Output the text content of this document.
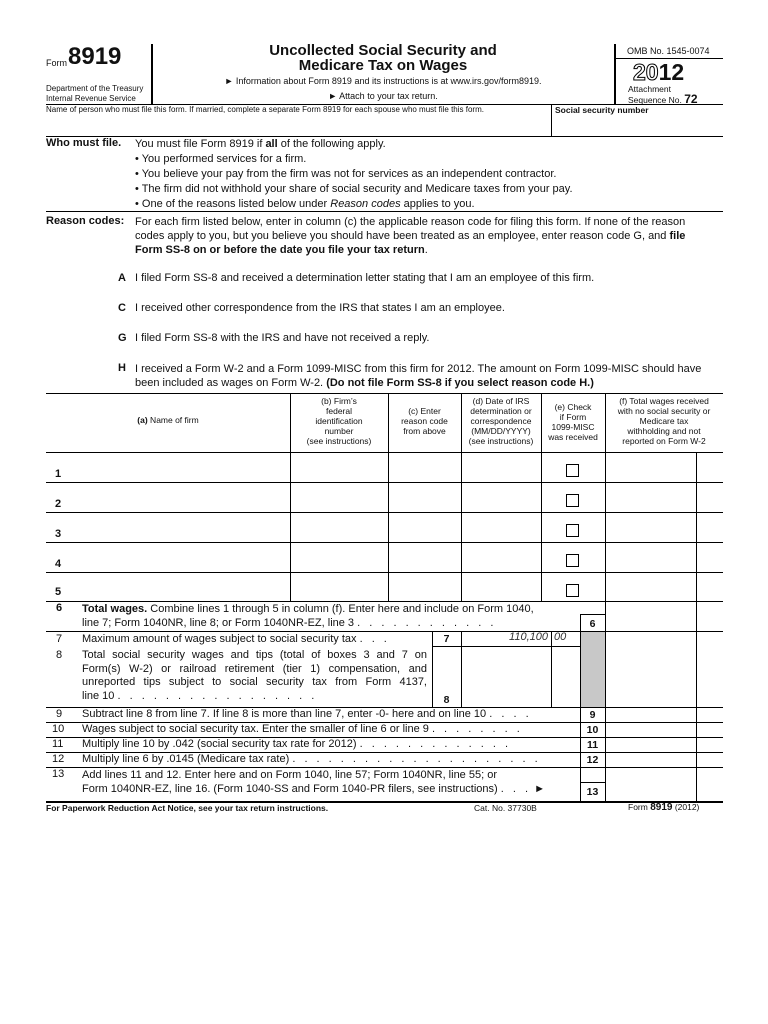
Form 8919
Department of the Treasury
Internal Revenue Service
Uncollected Social Security and
Medicare Tax on Wages
► Information about Form 8919 and its instructions is at www.irs.gov/form8919.
► Attach to your tax return.
OMB No. 1545-0074
2012
Attachment
Sequence No. 72
Name of person who must file this form. If married, complete a separate Form 8919 for each spouse who must file this form.	Social security number
Who must file. You must file Form 8919 if all of the following apply.
• You performed services for a firm.
• You believe your pay from the firm was not for services as an independent contractor.
• The firm did not withhold your share of social security and Medicare taxes from your pay.
• One of the reasons listed below under Reason codes applies to you.
Reason codes: For each firm listed below, enter in column (c) the applicable reason code for filing this form. If none of the reason
codes apply to you, but you believe you should have been treated as an employee, enter reason code G, and file
Form SS-8 on or before the date you file your tax return.
A I filed Form SS-8 and received a determination letter stating that I am an employee of this firm.
C I received other correspondence from the IRS that states I am an employee.
G I filed Form SS-8 with the IRS and have not received a reply.
H I received a Form W-2 and a Form 1099-MISC from this firm for 2012. The amount on Form 1099-MISC should have
been included as wages on Form W-2. (Do not file Form SS-8 if you select reason code H.)
(a) Name of firm
(b) Firm’s
federal
identification
number
(see instructions)
(c) Enter
reason code
from above
(d) Date of IRS
determination or
correspondence
(MM/DD/YYYY)
(see instructions)
(e) Check
if Form
1099-MISC
was received
(f) Total wages received
with no social security or
Medicare tax
withholding and not
reported on Form W-2
1
2
3
4
5
6 Total wages. Combine lines 1 through 5 in column (f). Enter here and include on Form 1040,
line 7; Form 1040NR, line 8; or Form 1040NR-EZ, line 3 . . . . . . . . . . . .	6
7 Maximum amount of wages subject to social security tax . . .	7	110,100 00
8 Total social security wages and tips (total of boxes 3 and 7 on
Form(s) W-2) or railroad retirement (tier 1) compensation, and
unreported tips subject to social security tax from Form 4137,
line 10 . . . . . . . . . . . . . . . . .	8
9 Subtract line 8 from line 7. If line 8 is more than line 7, enter -0- here and on line 10 . . . .	9
10 Wages subject to social security tax. Enter the smaller of line 6 or line 9 . . . . . . . .	10
11 Multiply line 10 by .042 (social security tax rate for 2012) . . . . . . . . . . . . .	11
12 Multiply line 6 by .0145 (Medicare tax rate) . . . . . . . . . . . . . . . . . . . . .	12
13 Add lines 11 and 12. Enter here and on Form 1040, line 57; Form 1040NR, line 55; or
Form 1040NR-EZ, line 16. (Form 1040-SS and Form 1040-PR filers, see instructions) . . . ►	13
For Paperwork Reduction Act Notice, see your tax return instructions.	Cat. No. 37730B	Form 8919 (2012)
